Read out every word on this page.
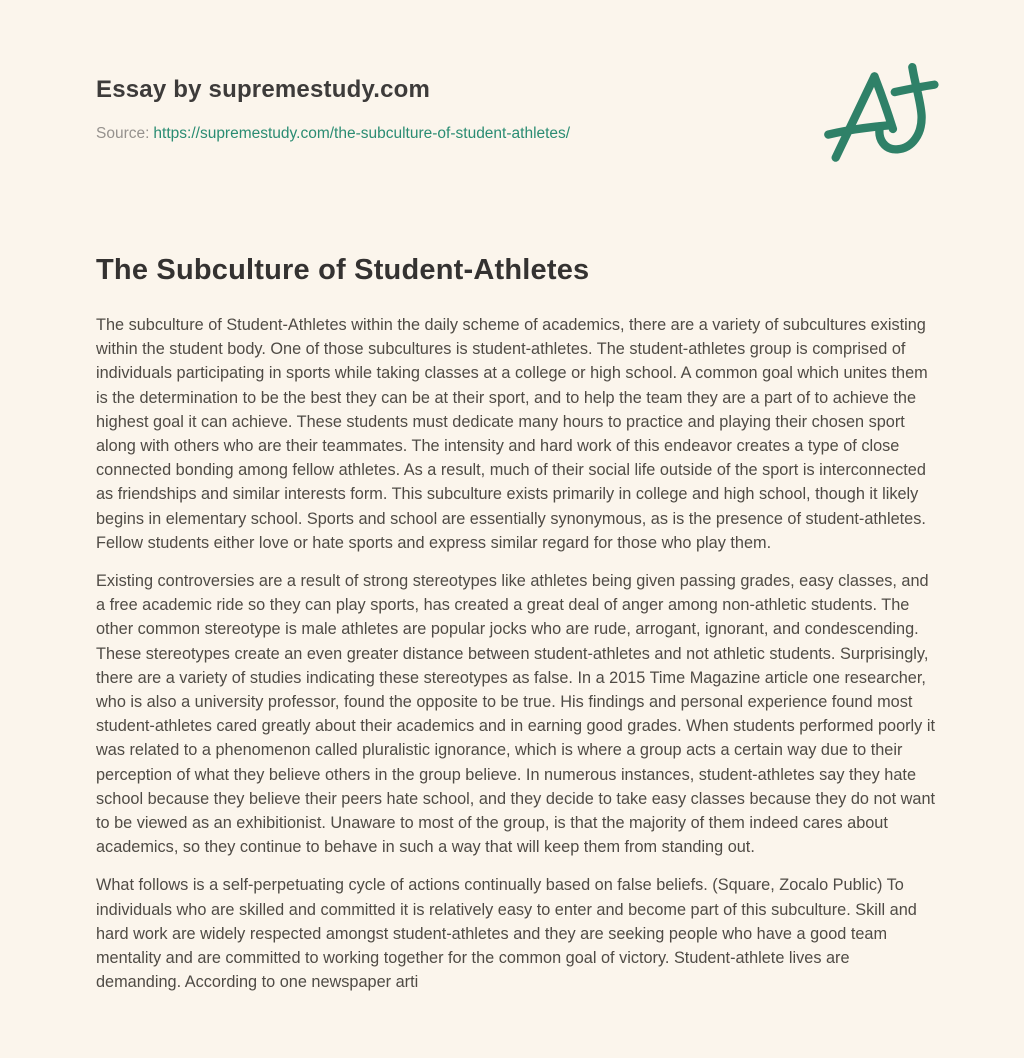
Essay by supremestudy.com
Source: https://supremestudy.com/the-subculture-of-student-athletes/
The Subculture of Student-Athletes

The subculture of Student-Athletes within the daily scheme of academics, there are a variety of subcultures existing within the student body. One of those subcultures is student-athletes. The student-athletes group is comprised of individuals participating in sports while taking classes at a college or high school. A common goal which unites them is the determination to be the best they can be at their sport, and to help the team they are a part of to achieve the highest goal it can achieve. These students must dedicate many hours to practice and playing their chosen sport along with others who are their teammates. The intensity and hard work of this endeavor creates a type of close connected bonding among fellow athletes. As a result, much of their social life outside of the sport is interconnected as friendships and similar interests form. This subculture exists primarily in college and high school, though it likely begins in elementary school. Sports and school are essentially synonymous, as is the presence of student-athletes. Fellow students either love or hate sports and express similar regard for those who play them.

Existing controversies are a result of strong stereotypes like athletes being given passing grades, easy classes, and a free academic ride so they can play sports, has created a great deal of anger among non-athletic students. The other common stereotype is male athletes are popular jocks who are rude, arrogant, ignorant, and condescending. These stereotypes create an even greater distance between student-athletes and not athletic students. Surprisingly, there are a variety of studies indicating these stereotypes as false. In a 2015 Time Magazine article one researcher, who is also a university professor, found the opposite to be true. His findings and personal experience found most student-athletes cared greatly about their academics and in earning good grades. When students performed poorly it was related to a phenomenon called pluralistic ignorance, which is where a group acts a certain way due to their perception of what they believe others in the group believe. In numerous instances, student-athletes say they hate school because they believe their peers hate school, and they decide to take easy classes because they do not want to be viewed as an exhibitionist. Unaware to most of the group, is that the majority of them indeed cares about academics, so they continue to behave in such a way that will keep them from standing out.

What follows is a self-perpetuating cycle of actions continually based on false beliefs. (Square, Zocalo Public) To individuals who are skilled and committed it is relatively easy to enter and become part of this subculture. Skill and hard work are widely respected amongst student-athletes and they are seeking people who have a good team mentality and are committed to working together for the common goal of victory. Student-athlete lives are demanding. According to one newspaper arti
